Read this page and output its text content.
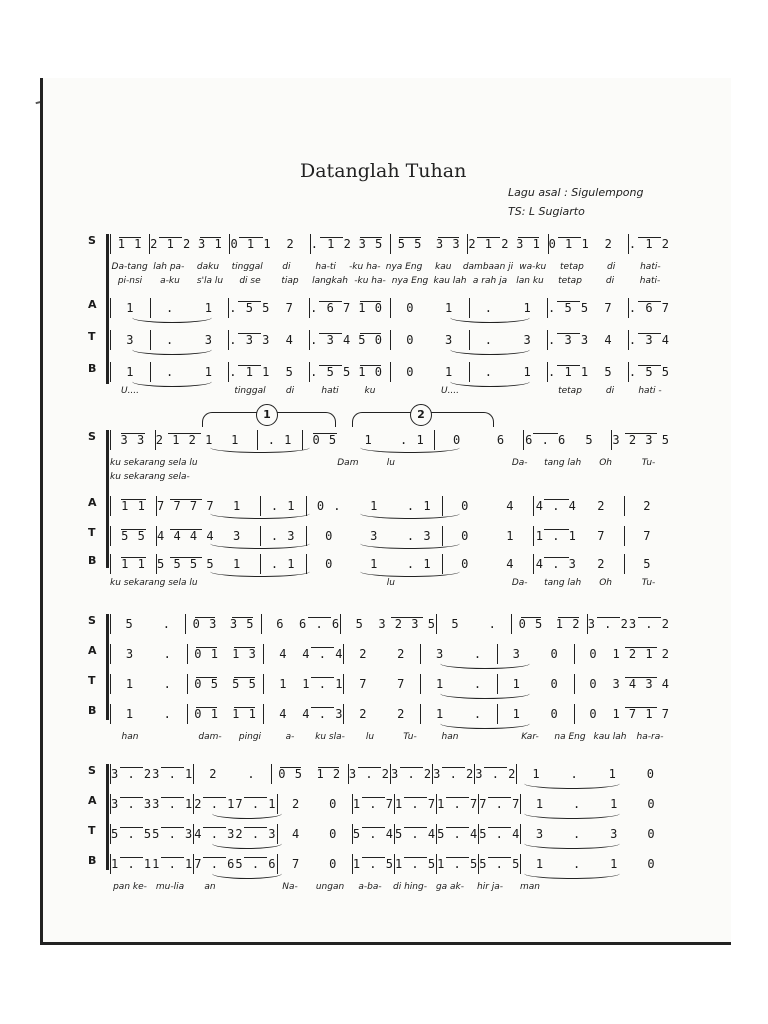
Datanglah Tuhan
Lagu asal : Sigulempong
TS: L Sugiarto
S	1 1 2 1 2 3 1 0 1 1	2	. 1 2 3 5	5 5	3 3 2 1 2 3 1 0 1 1	2	. 1 2
Da-tang lah pa-	daku	tinggal	di	ha-ti	-ku ha- nya Eng	kau	dambaan ji wa-ku	tetap	di	hati-
pi-nsi	a-ku	s'la lu	di se	tiap	langkah -ku ha- nya Eng kau lah a rah ja	lan ku	tetap	di	hati-
A	1	.	1	. 5 5	7	. 6 7 1 0	0	1	.	1	. 5 5	7	. 6 7
T	3	.	3	. 3 3	4	. 3 4 5 0	0	3	.	3	. 3 3	4	. 3 4
B	1	.	1	. 1 1	5	. 5 5 1 0	0	1	.	1	. 1 1	5	. 5 5
U....	tinggal	di	hati	ku	U....	tetap	di	hati -
1	2
S	3 3 2 1 2 1	1	. 1	0 5	1	. 1	0	6	6 . 6	5	3 2 3 5
ku sekarang sela lu	Dam	lu	Da-	tang lah	Oh	Tu-
ku sekarang sela-
A	1 1 7 7 7 7	1	. 1	0 .	1	. 1	0	4	4 . 4	2	2
T	5 5 4 4 4 4	3	. 3	0	3	. 3	0	1	1 . 1	7	7
B	1 1 5 5 5 5	1	. 1	0	1	. 1	0	4	4 . 3	2	5
ku sekarang sela lu	lu	Da-	tang lah	Oh	Tu-
S	5	.	0 3	3 5	6	6 . 6	5	3 2 3 5	5	.	0 5	1 2 3 . 2 3 . 2
A	3	.	0 1	1 3	4	4 . 4	2	2	3	.	3	0	0	1 2 1 2
T	1	.	0 5	5 5	1	1 . 1	7	7	1	.	1	0	0	3 4 3 4
B	1	.	0 1	1 1	4	4 . 3	2	2	1	.	1	0	0	1 7 1 7
han	dam-	pingi	a-	ku sla-	lu	Tu-	han	Kar-	na Eng kau lah	ha-ra-
S	3 . 2 3 . 1	2	.	0 5	1 2 3 . 2 3 . 2 3 . 2 3 . 2	1	.	1	0
A	3 . 3 3 . 1 2 . 1 7 . 1	2	0	1 . 7 1 . 7 1 . 7 7 . 7	1	.	1	0
T	5 . 5 5 . 3 4 . 3 2 . 3	4	0	5 . 4 5 . 4 5 . 4 5 . 4	3	.	3	0
B	1 . 1 1 . 1 7 . 6 5 . 6	7	0	1 . 5 1 . 5 1 . 5 5 . 5	1	.	1	0
pan ke- mu-lia	an	Na-	ungan	a-ba-	di hing- ga ak-	hir ja-	man
